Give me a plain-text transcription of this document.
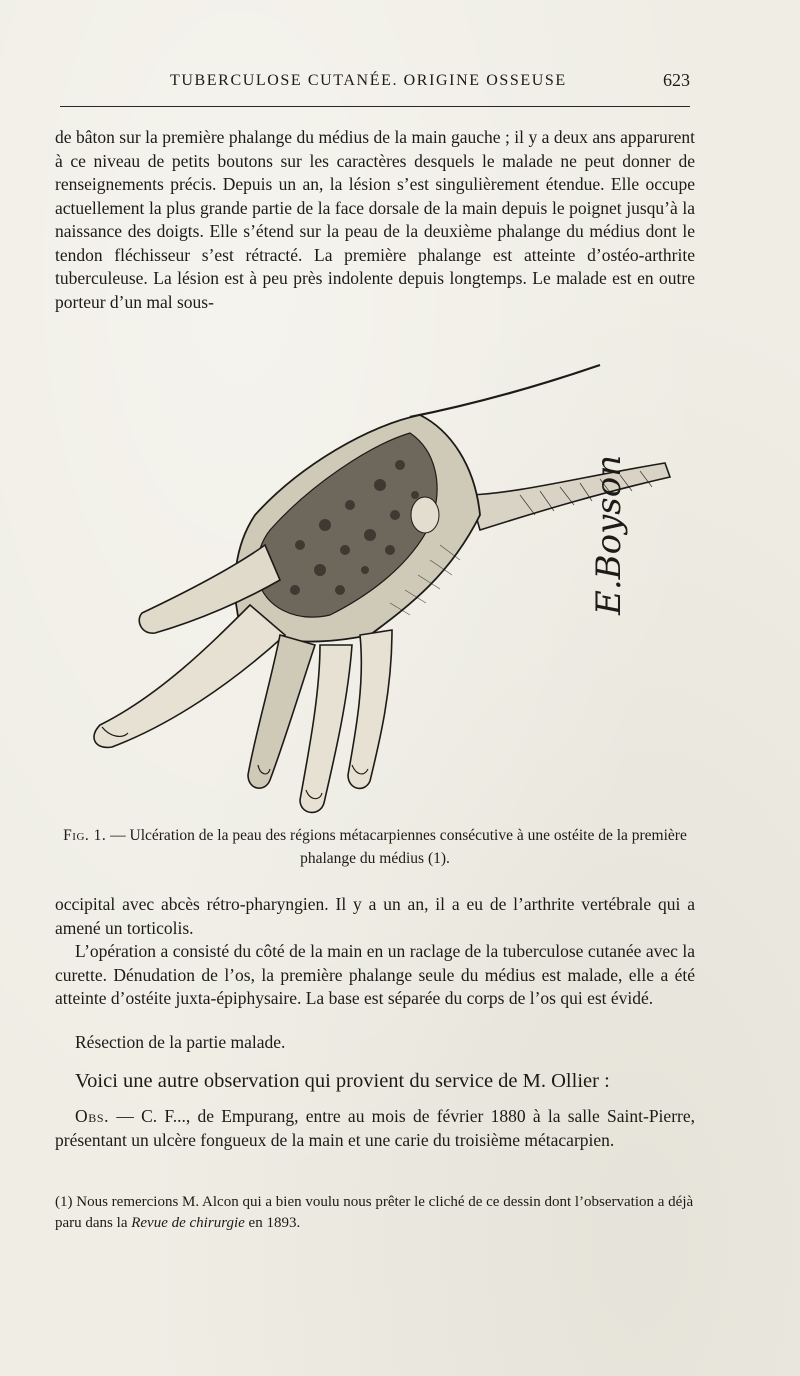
TUBERCULOSE CUTANÉE. ORIGINE OSSEUSE	623

de bâton sur la première phalange du médius de la main gauche ; il y a deux ans apparurent à ce niveau de petits boutons sur les caractères desquels le malade ne peut donner de renseignements précis. Depuis un an, la lésion s’est singulièrement étendue. Elle occupe actuellement la plus grande partie de la face dorsale de la main depuis le poignet jusqu’à la naissance des doigts. Elle s’étend sur la peau de la deuxième phalange du médius dont le tendon fléchisseur s’est rétracté. La première phalange est atteinte d’ostéo-arthrite tuberculeuse. La lésion est à peu près indolente depuis longtemps. Le malade est en outre porteur d’un mal sous-

E.Boyson

Fig. 1. — Ulcération de la peau des régions métacarpiennes consécutive à une ostéite de la première phalange du médius (1).

occipital avec abcès rétro-pharyngien. Il y a un an, il a eu de l’arthrite vertébrale qui a amené un torticolis.

L’opération a consisté du côté de la main en un raclage de la tuberculose cutanée avec la curette. Dénudation de l’os, la première phalange seule du médius est malade, elle a été atteinte d’ostéite juxta-épiphysaire. La base est séparée du corps de l’os qui est évidé.

Résection de la partie malade.

Voici une autre observation qui provient du service de M. Ollier :

Obs. — C. F..., de Empurang, entre au mois de février 1880 à la salle Saint-Pierre, présentant un ulcère fongueux de la main et une carie du troisième métacarpien.

(1) Nous remercions M. Alcon qui a bien voulu nous prêter le cliché de ce dessin dont l’observation a déjà paru dans la Revue de chirurgie en 1893.
